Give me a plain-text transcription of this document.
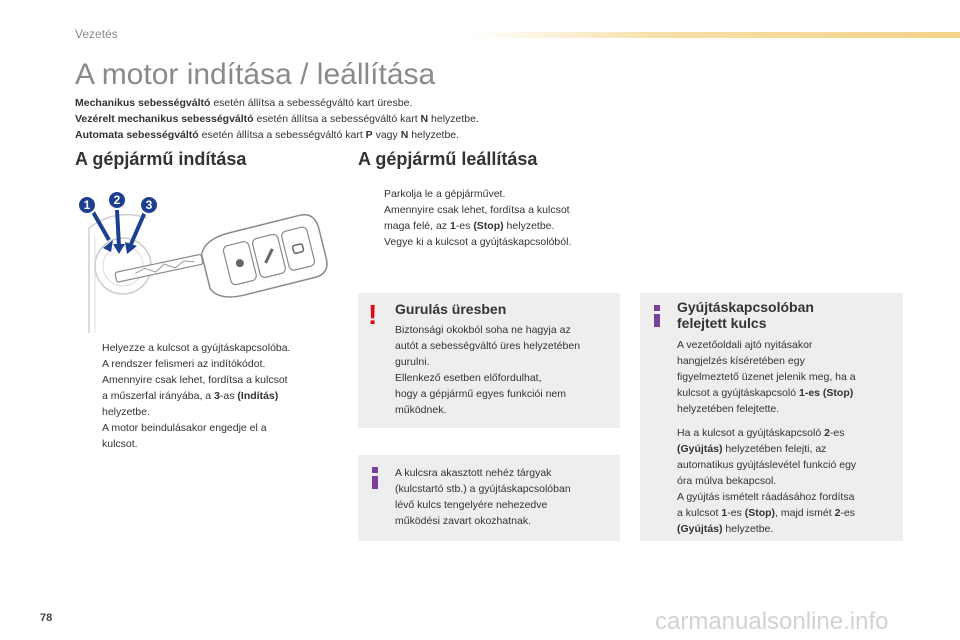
Vezetés
A motor indítása / leállítása
Mechanikus sebességváltó esetén állítsa a sebességváltó kart üresbe.
Vezérelt mechanikus sebességváltó esetén állítsa a sebességváltó kart N helyzetbe.
Automata sebességváltó esetén állítsa a sebességváltó kart P vagy N helyzetbe.
A gépjármű indítása	A gépjármű leállítása
1 2 3
Helyezze a kulcsot a gyújtáskapcsolóba.
A rendszer felismeri az indítókódot.
Amennyire csak lehet, fordítsa a kulcsot
a műszerfal irányába, a 3-as (Indítás)
helyzetbe.
A motor beindulásakor engedje el a
kulcsot.
Parkolja le a gépjárművet.
Amennyire csak lehet, fordítsa a kulcsot
maga felé, az 1-es (Stop) helyzetbe.
Vegye ki a kulcsot a gyújtáskapcsolóból.
! Gurulás üresben
Biztonsági okokból soha ne hagyja az
autót a sebességváltó üres helyzetében
gurulni.
Ellenkező esetben előfordulhat,
hogy a gépjármű egyes funkciói nem
működnek.
A kulcsra akasztott nehéz tárgyak
(kulcstartó stb.) a gyújtáskapcsolóban
lévő kulcs tengelyére nehezedve
működési zavart okozhatnak.
Gyújtáskapcsolóban
felejtett kulcs
A vezetőoldali ajtó nyitásakor
hangjelzés kíséretében egy
figyelmeztető üzenet jelenik meg, ha a
kulcsot a gyújtáskapcsoló 1-es (Stop)
helyzetében felejtette.
Ha a kulcsot a gyújtáskapcsoló 2-es
(Gyújtás) helyzetében felejti, az
automatikus gyújtáslevétel funkció egy
óra múlva bekapcsol.
A gyújtás ismételt ráadásához fordítsa
a kulcsot 1-es (Stop), majd ismét 2-es
(Gyújtás) helyzetbe.
78	carmanualsonline.info
